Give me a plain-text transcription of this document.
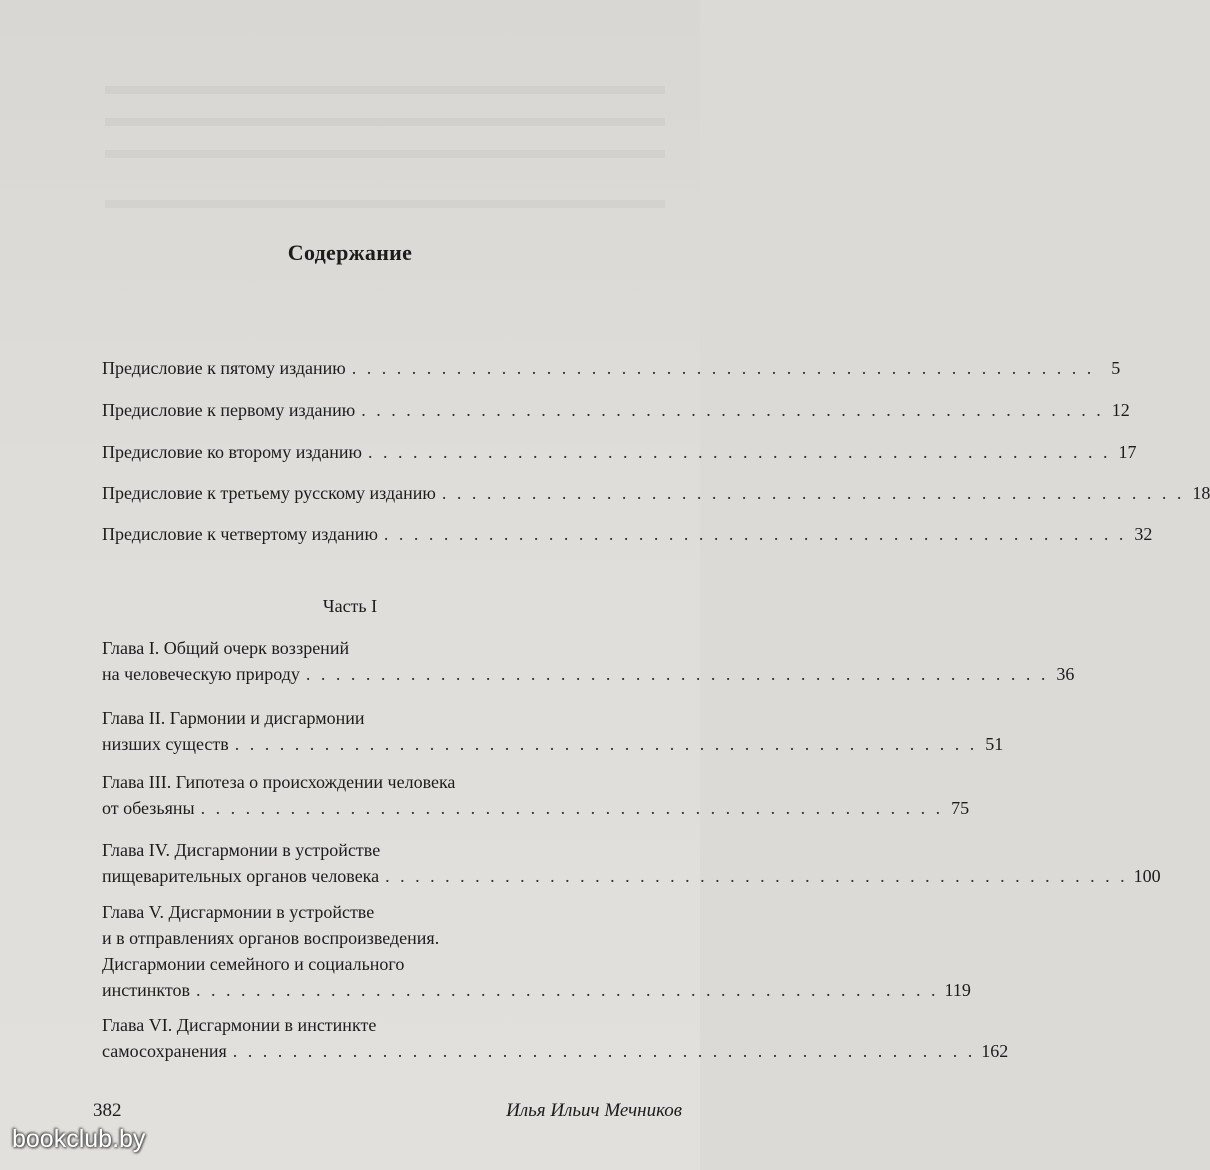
Содержание
Предисловие к пятому изданию . . . . . . . . . . . . . . . . . . . . . . . . . . . . . . . . . . . . . . . . . . . . . . . . . . 5
Предисловие к первому изданию . . . . . . . . . . . . . . . . . . . . . . . . . . . . . . . . . . . . . . . . . . . . . . . . . . 12
Предисловие ко второму изданию . . . . . . . . . . . . . . . . . . . . . . . . . . . . . . . . . . . . . . . . . . . . . . . . . . 17
Предисловие к третьему русскому изданию . . . . . . . . . . . . . . . . . . . . . . . . . . . . . . . . . . . . . . . . . . . . . . . . . . 18
Предисловие к четвертому изданию . . . . . . . . . . . . . . . . . . . . . . . . . . . . . . . . . . . . . . . . . . . . . . . . . . 32
Глава I. Общий очерк воззрений
на человеческую природу . . . . . . . . . . . . . . . . . . . . . . . . . . . . . . . . . . . . . . . . . . . . . . . . . . 36
Глава II. Гармонии и дисгармонии
низших существ . . . . . . . . . . . . . . . . . . . . . . . . . . . . . . . . . . . . . . . . . . . . . . . . . . 51
Глава III. Гипотеза о происхождении человека
от обезьяны . . . . . . . . . . . . . . . . . . . . . . . . . . . . . . . . . . . . . . . . . . . . . . . . . . 75
Глава IV. Дисгармонии в устройстве
пищеварительных органов человека . . . . . . . . . . . . . . . . . . . . . . . . . . . . . . . . . . . . . . . . . . . . . . . . . . 100
Глава V. Дисгармонии в устройстве
и в отправлениях органов воспроизведения.
Дисгармонии семейного и социального
инстинктов . . . . . . . . . . . . . . . . . . . . . . . . . . . . . . . . . . . . . . . . . . . . . . . . . . 119
Глава VI. Дисгармонии в инстинкте
самосохранения . . . . . . . . . . . . . . . . . . . . . . . . . . . . . . . . . . . . . . . . . . . . . . . . . . 162
Часть I
382	Илья Ильич Мечников
bookclub.by
